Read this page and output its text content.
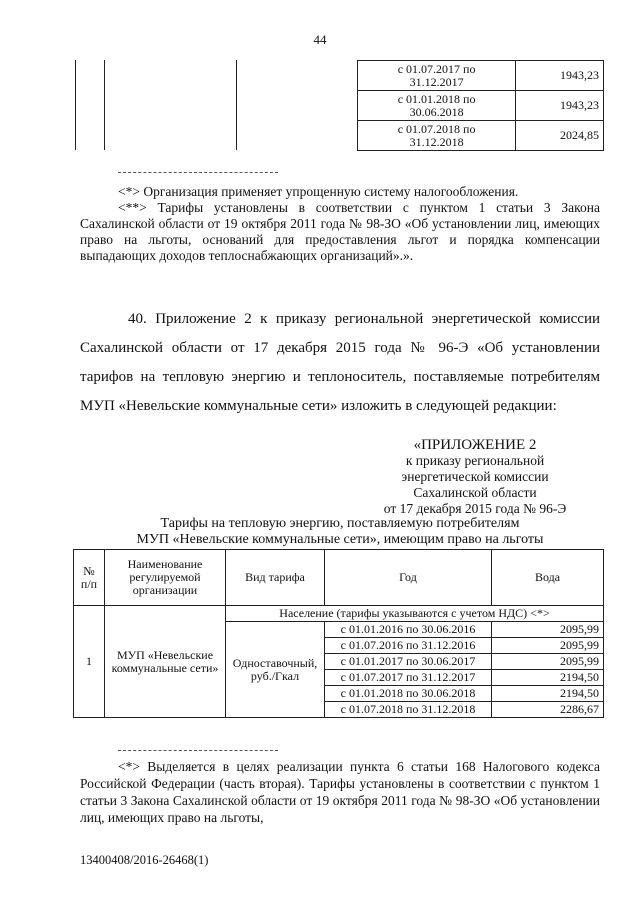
44
с 01.07.2017 по
31.12.2017	1943,23
с 01.01.2018 по
30.06.2018	1943,23
с 01.07.2018 по
31.12.2018	2024,85
<*> Организация применяет упрощенную систему налогообложения.
<**> Тарифы установлены в соответствии с пунктом 1 статьи 3 Закона Сахалинской области от 19 октября 2011 года № 98-ЗО «Об установлении лиц, имеющих право на льготы, оснований для предоставления льгот и порядка компенсации выпадающих доходов теплоснабжающих организаций».».
40. Приложение 2 к приказу региональной энергетической комиссии Сахалинской области от 17 декабря 2015 года № 96-Э «Об установлении тарифов на тепловую энергию и теплоноситель, поставляемые потребителям МУП «Невельские коммунальные сети» изложить в следующей редакции:
«ПРИЛОЖЕНИЕ 2
к приказу региональной
энергетической комиссии
Сахалинской области
от 17 декабря 2015 года № 96-Э
Тарифы на тепловую энергию, поставляемую потребителям
МУП «Невельские коммунальные сети», имеющим право на льготы
№ п/п	Наименование регулируемой организации	Вид тарифа	Год	Вода
1	МУП «Невельские коммунальные сети»	Население (тарифы указываются с учетом НДС) <*>		
		Одноставочный, руб./Гкал	с 01.01.2016 по 30.06.2016	2095,99
			с 01.07.2016 по 31.12.2016	2095,99
			с 01.01.2017 по 30.06.2017	2095,99
			с 01.07.2017 по 31.12.2017	2194,50
			с 01.01.2018 по 30.06.2018	2194,50
			с 01.07.2018 по 31.12.2018	2286,67
<*> Выделяется в целях реализации пункта 6 статьи 168 Налогового кодекса Российской Федерации (часть вторая). Тарифы установлены в соответствии с пунктом 1 статьи 3 Закона Сахалинской области от 19 октября 2011 года № 98-ЗО «Об установлении лиц, имеющих право на льготы,
13400408/2016-26468(1)
